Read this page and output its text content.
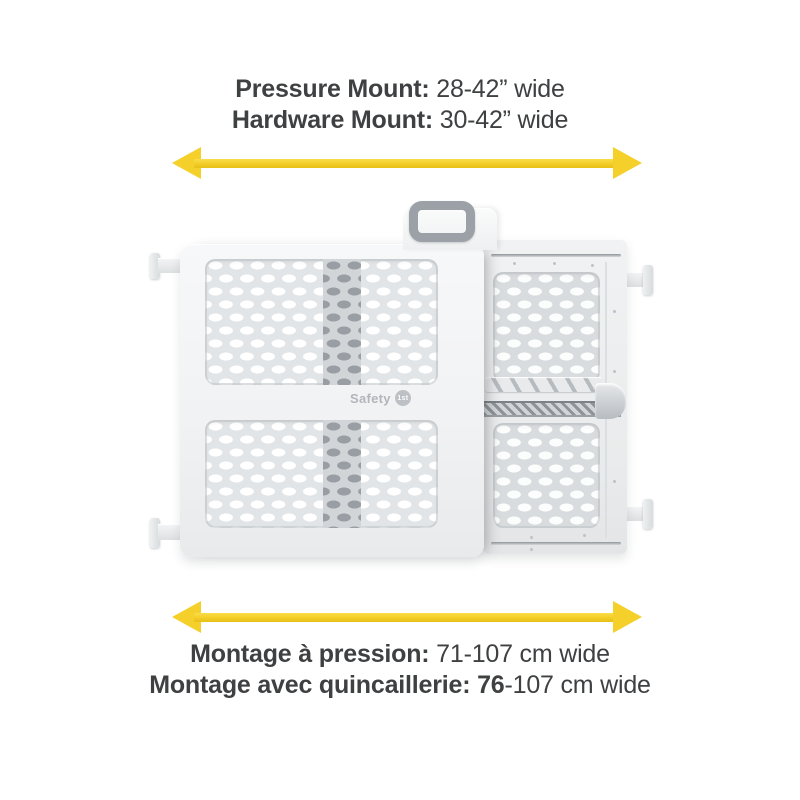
Pressure Mount: 28-42” wide
Hardware Mount: 30-42” wide
Safety 1st
Montage à pression: 71-107 cm wide
Montage avec quincaillerie: 76-107 cm wide
